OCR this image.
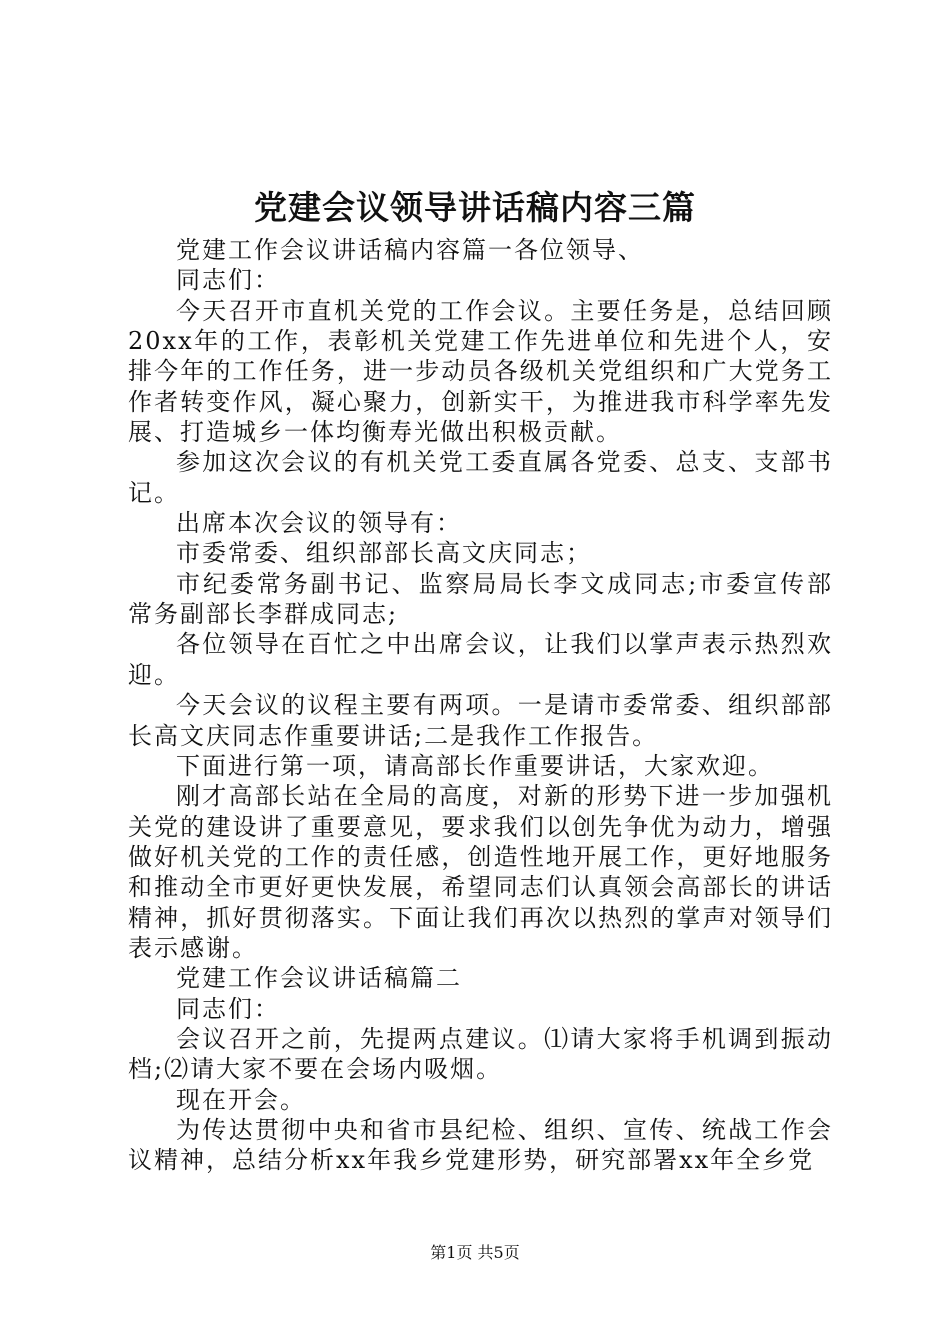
党建会议领导讲话稿内容三篇

党建工作会议讲话稿内容篇一各位领导、

同志们：

今天召开市直机关党的工作会议。主要任务是，总结回顾20xx年的工作，表彰机关党建工作先进单位和先进个人，安排今年的工作任务，进一步动员各级机关党组织和广大党务工作者转变作风，凝心聚力，创新实干，为推进我市科学率先发展、打造城乡一体均衡寿光做出积极贡献。

参加这次会议的有机关党工委直属各党委、总支、支部书记。

出席本次会议的领导有：

市委常委、组织部部长高文庆同志；

市纪委常务副书记、监察局局长李文成同志;市委宣传部常务副部长李群成同志;

各位领导在百忙之中出席会议，让我们以掌声表示热烈欢迎。

今天会议的议程主要有两项。一是请市委常委、组织部部长高文庆同志作重要讲话;二是我作工作报告。

下面进行第一项，请高部长作重要讲话，大家欢迎。

刚才高部长站在全局的高度，对新的形势下进一步加强机关党的建设讲了重要意见，要求我们以创先争优为动力，增强做好机关党的工作的责任感，创造性地开展工作，更好地服务和推动全市更好更快发展，希望同志们认真领会高部长的讲话精神，抓好贯彻落实。下面让我们再次以热烈的掌声对领导们表示感谢。

党建工作会议讲话稿篇二

同志们：

会议召开之前，先提两点建议。⑴请大家将手机调到振动档;⑵请大家不要在会场内吸烟。

现在开会。

为传达贯彻中央和省市县纪检、组织、宣传、统战工作会议精神，总结分析xx年我乡党建形势，研究部署xx年全乡党

第1页 共5页
